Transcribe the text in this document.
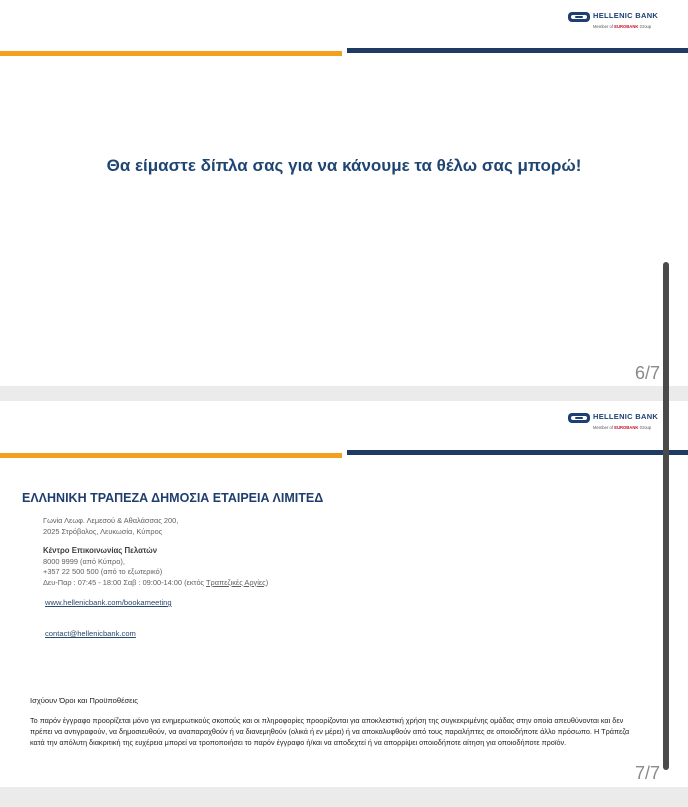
HELLENIC BANK
Member of EUROBANK Group
Θα είμαστε δίπλα σας για να κάνουμε τα θέλω σας μπορώ!
6/7
HELLENIC BANK
Member of EUROBANK Group
ΕΛΛΗΝΙΚΗ ΤΡΑΠΕΖΑ ΔΗΜΟΣΙΑ ΕΤΑΙΡΕΙΑ ΛΙΜΙΤΕΔ
Γωνία Λεωφ. Λεμεσού & Αθαλάσσας 200,
2025 Στρόβολος, Λευκωσία, Κύπρος
Κέντρο Επικοινωνίας Πελατών
8000 9999 (από Κύπρο),
+357 22 500 500 (από το εξωτερικό)
Δευ-Παρ : 07:45 - 18:00 Σαβ : 09:00-14:00 (εκτός Τραπεζικές Αργίες)
www.hellenicbank.com/bookameeting
contact@hellenicbank.com
Ισχύουν Όροι και Προϋποθέσεις
Το παρόν έγγραφο προορίζεται μόνο για ενημερωτικούς σκοπούς και οι πληροφορίες προορίζονται για αποκλειστική χρήση της συγκεκριμένης ομάδας στην οποία απευθύνονται και δεν πρέπει να αντιγραφούν, να δημοσιευθούν, να αναπαραχθούν ή να διανεμηθούν (ολικά ή εν μέρει) ή να αποκαλυφθούν από τους παραλήπτες σε οποιοδήποτε άλλο πρόσωπο. Η Τράπεζα κατά την απόλυτη διακριτική της ευχέρεια μπορεί να τροποποιήσει το παρόν έγγραφο ή/και να αποδεχτεί ή να απορρίψει οποιοδήποτε αίτηση για οποιοδήποτε προϊόν.
7/7
